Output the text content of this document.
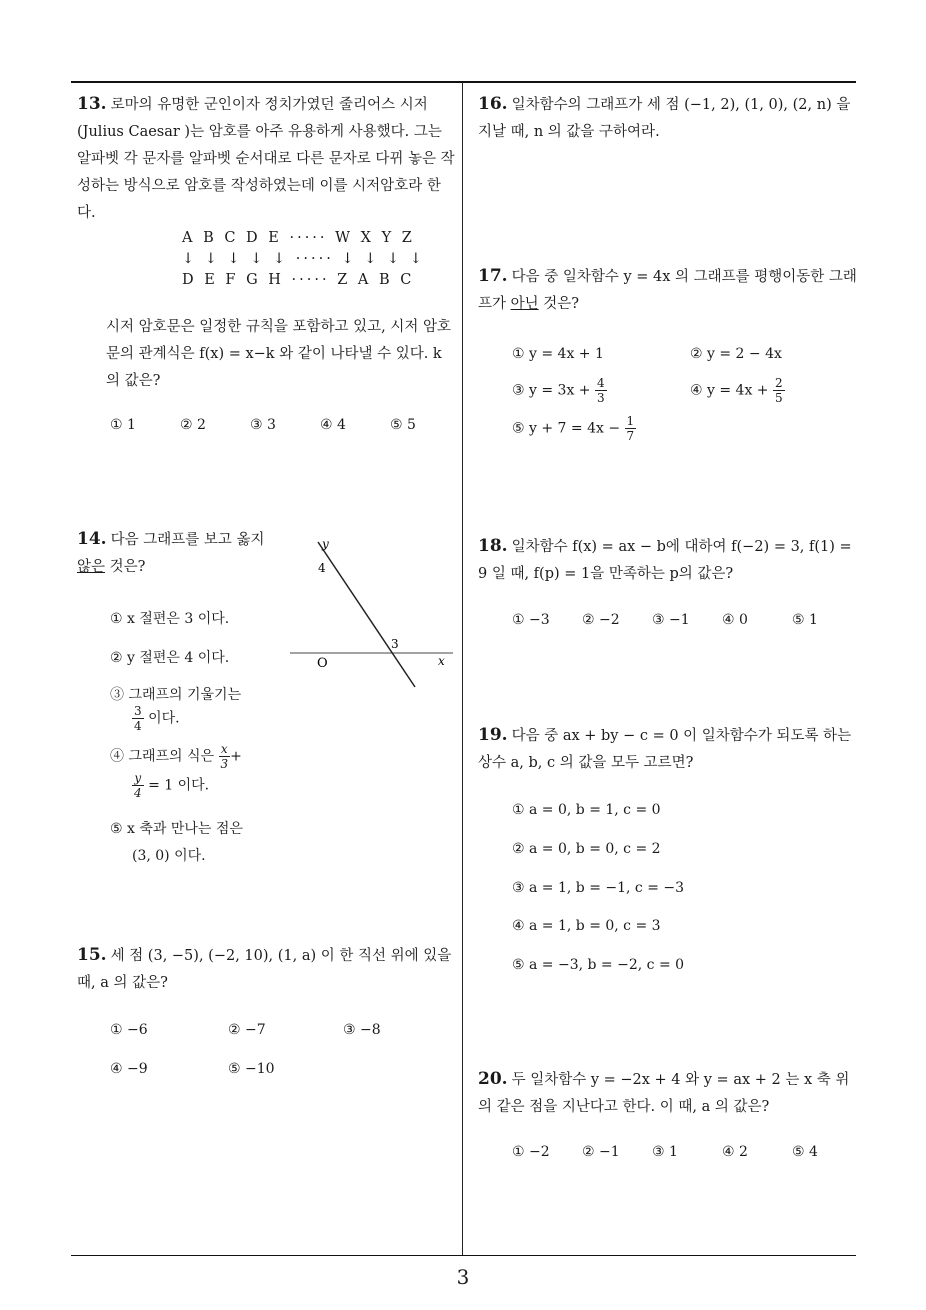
3
13. 로마의 유명한 군인이자 정치가였던 줄리어스 시저 (Julius Caesar )는 암호를 아주 유용하게 사용했다. 그는 알파벳 각 문자를 알파벳 순서대로 다른 문자로 다뀌 놓은 작성하는 방식으로 암호를 작성하였는데 이를 시저암호라 한다.
A B C D E ····· W X Y Z
↓ ↓ ↓ ↓ ↓ ····· ↓ ↓ ↓ ↓
D E F G H ····· Z A B C
시저 암호문은 일정한 규칙을 포함하고 있고, 시저 암호문의 관계식은 f(x) = x−k 와 같이 나타낼 수 있다. k 의 값은?
① 1	② 2	③ 3	④ 4	⑤ 5
14. 다음 그래프를 보고 옳지 않은 것은?
y
4
3
O	x
① x 절편은 3 이다.
② y 절편은 4 이다.
③ 그래프의 기울기는

$\frac{3}{4}$ 이다.
④ 그래프의 식은 $\frac{x}{3}$ +

$\frac{y}{4} = 1$ 이다.
⑤ x 축과 만나는 점은
(3, 0) 이다.
15. 세 점 (3, −5), (−2, 10), (1, a) 이 한 직선 위에 있을 때, a 의 값은?
① −6	② −7	③ −8
④ −9	⑤ −10
16. 일차함수의 그래프가 세 점 (−1, 2), (1, 0), (2, n) 을 지날 때, n 의 값을 구하여라.
17. 다음 중 일차함수 y = 4x 의 그래프를 평행이동한 그래프가 아닌 것은?
① y = 4x + 1	② y = 2 − 4x
③ $y = 3x + \frac{4}{3}$	④ $y = 4x + \frac{2}{5}$
⑤ $y + 7 = 4x - \frac{1}{7}$
18. 일차함수 f(x) = ax − b에 대하여 f(−2) = 3, f(1) = 9 일 때, f(p) = 1을 만족하는 p의 값은?
① −3 ② −2 ③ −1 ④ 0	⑤ 1
19. 다음 중 ax + by − c = 0 이 일차함수가 되도록 하는 상수 a, b, c 의 값을 모두 고르면?
① a = 0, b = 1, c = 0
② a = 0, b = 0, c = 2
③ a = 1, b = −1, c = −3
④ a = 1, b = 0, c = 3
⑤ a = −3, b = −2, c = 0
20. 두 일차함수 y = −2x + 4 와 y = ax + 2 는 x 축 위의 같은 점을 지난다고 한다. 이 때, a 의 값은?
① −2 ② −1 ③ 1	④ 2	⑤ 4
